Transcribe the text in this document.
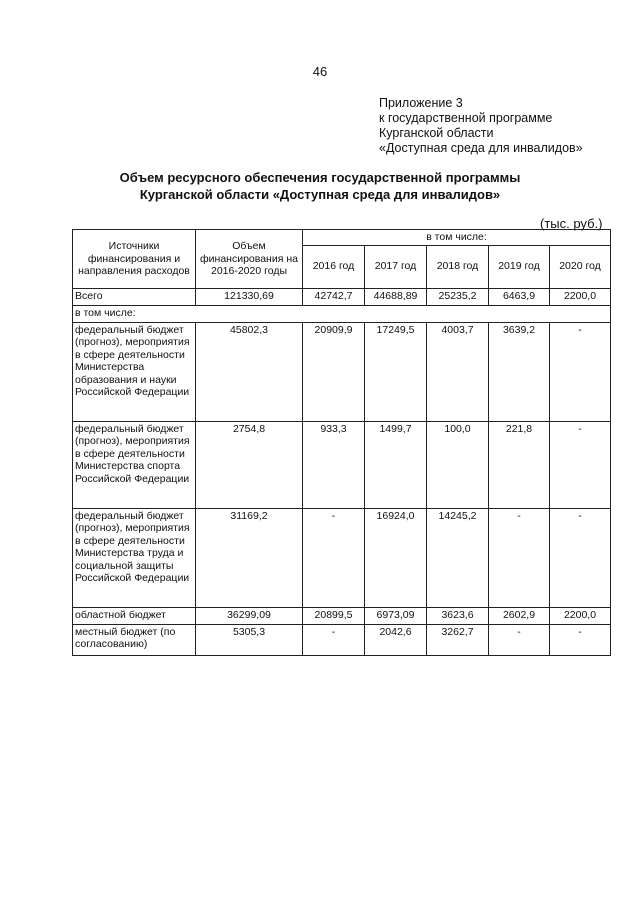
46
Приложение 3
к государственной программе
Курганской области
«Доступная среда для инвалидов»
Объем ресурсного обеспечения государственной программы
Курганской области «Доступная среда для инвалидов»
(тыс. руб.)
Источники финансирования и направления расходов	Объем финансирования на 2016-2020 годы	в том числе:				
		2016 год	2017 год	2018 год	2019 год	2020 год
Всего	121330,69	42742,7	44688,89	25235,2	6463,9	2200,0
в том числе:						
федеральный бюджет (прогноз), мероприятия в сфере деятельности Министерства образования и науки Российской Федерации	45802,3	20909,9	17249,5	4003,7	3639,2	-
федеральный бюджет (прогноз), мероприятия в сфере деятельности Министерства спорта Российской Федерации	2754,8	933,3	1499,7	100,0	221,8	-
федеральный бюджет (прогноз), мероприятия в сфере деятельности Министерства труда и социальной защиты Российской Федерации	31169,2	-	16924,0	14245,2	-	-
областной бюджет	36299,09	20899,5	6973,09	3623,6	2602,9	2200,0
местный бюджет (по согласованию)	5305,3	-	2042,6	3262,7	-	-
